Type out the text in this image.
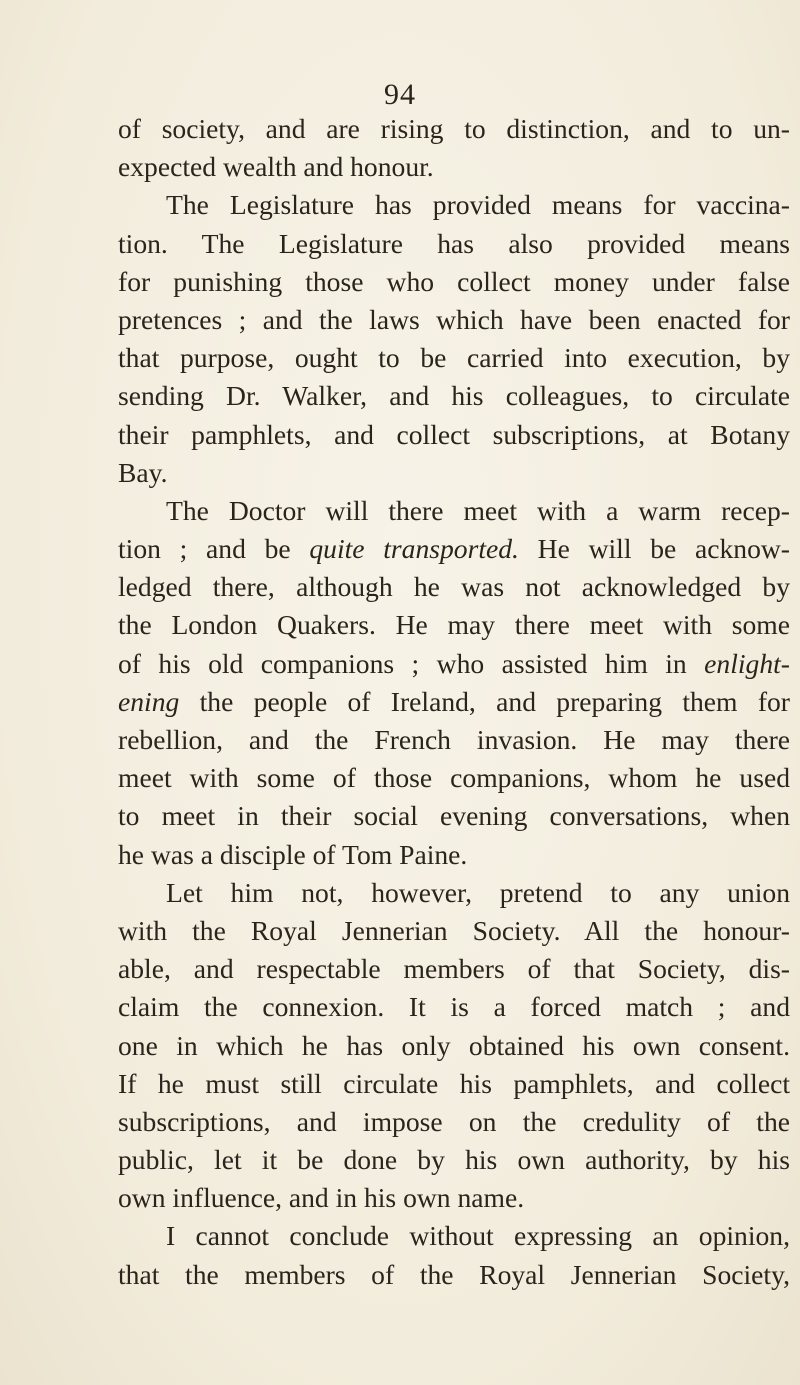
94
of society, and are rising to distinction, and to un-
expected wealth and honour.
The Legislature has provided means for vaccina-
tion. The Legislature has also provided means
for punishing those who collect money under false
pretences ; and the laws which have been enacted for
that purpose, ought to be carried into execution, by
sending Dr. Walker, and his colleagues, to circulate
their pamphlets, and collect subscriptions, at Botany
Bay.
The Doctor will there meet with a warm recep-
tion ; and be quite transported. He will be acknow-
ledged there, although he was not acknowledged by
the London Quakers. He may there meet with some
of his old companions ; who assisted him in enlight-
ening the people of Ireland, and preparing them for
rebellion, and the French invasion. He may there
meet with some of those companions, whom he used
to meet in their social evening conversations, when
he was a disciple of Tom Paine.
Let him not, however, pretend to any union
with the Royal Jennerian Society. All the honour-
able, and respectable members of that Society, dis-
claim the connexion. It is a forced match ; and
one in which he has only obtained his own consent.
If he must still circulate his pamphlets, and collect
subscriptions, and impose on the credulity of the
public, let it be done by his own authority, by his
own influence, and in his own name.
I cannot conclude without expressing an opinion,
that the members of the Royal Jennerian Society,
